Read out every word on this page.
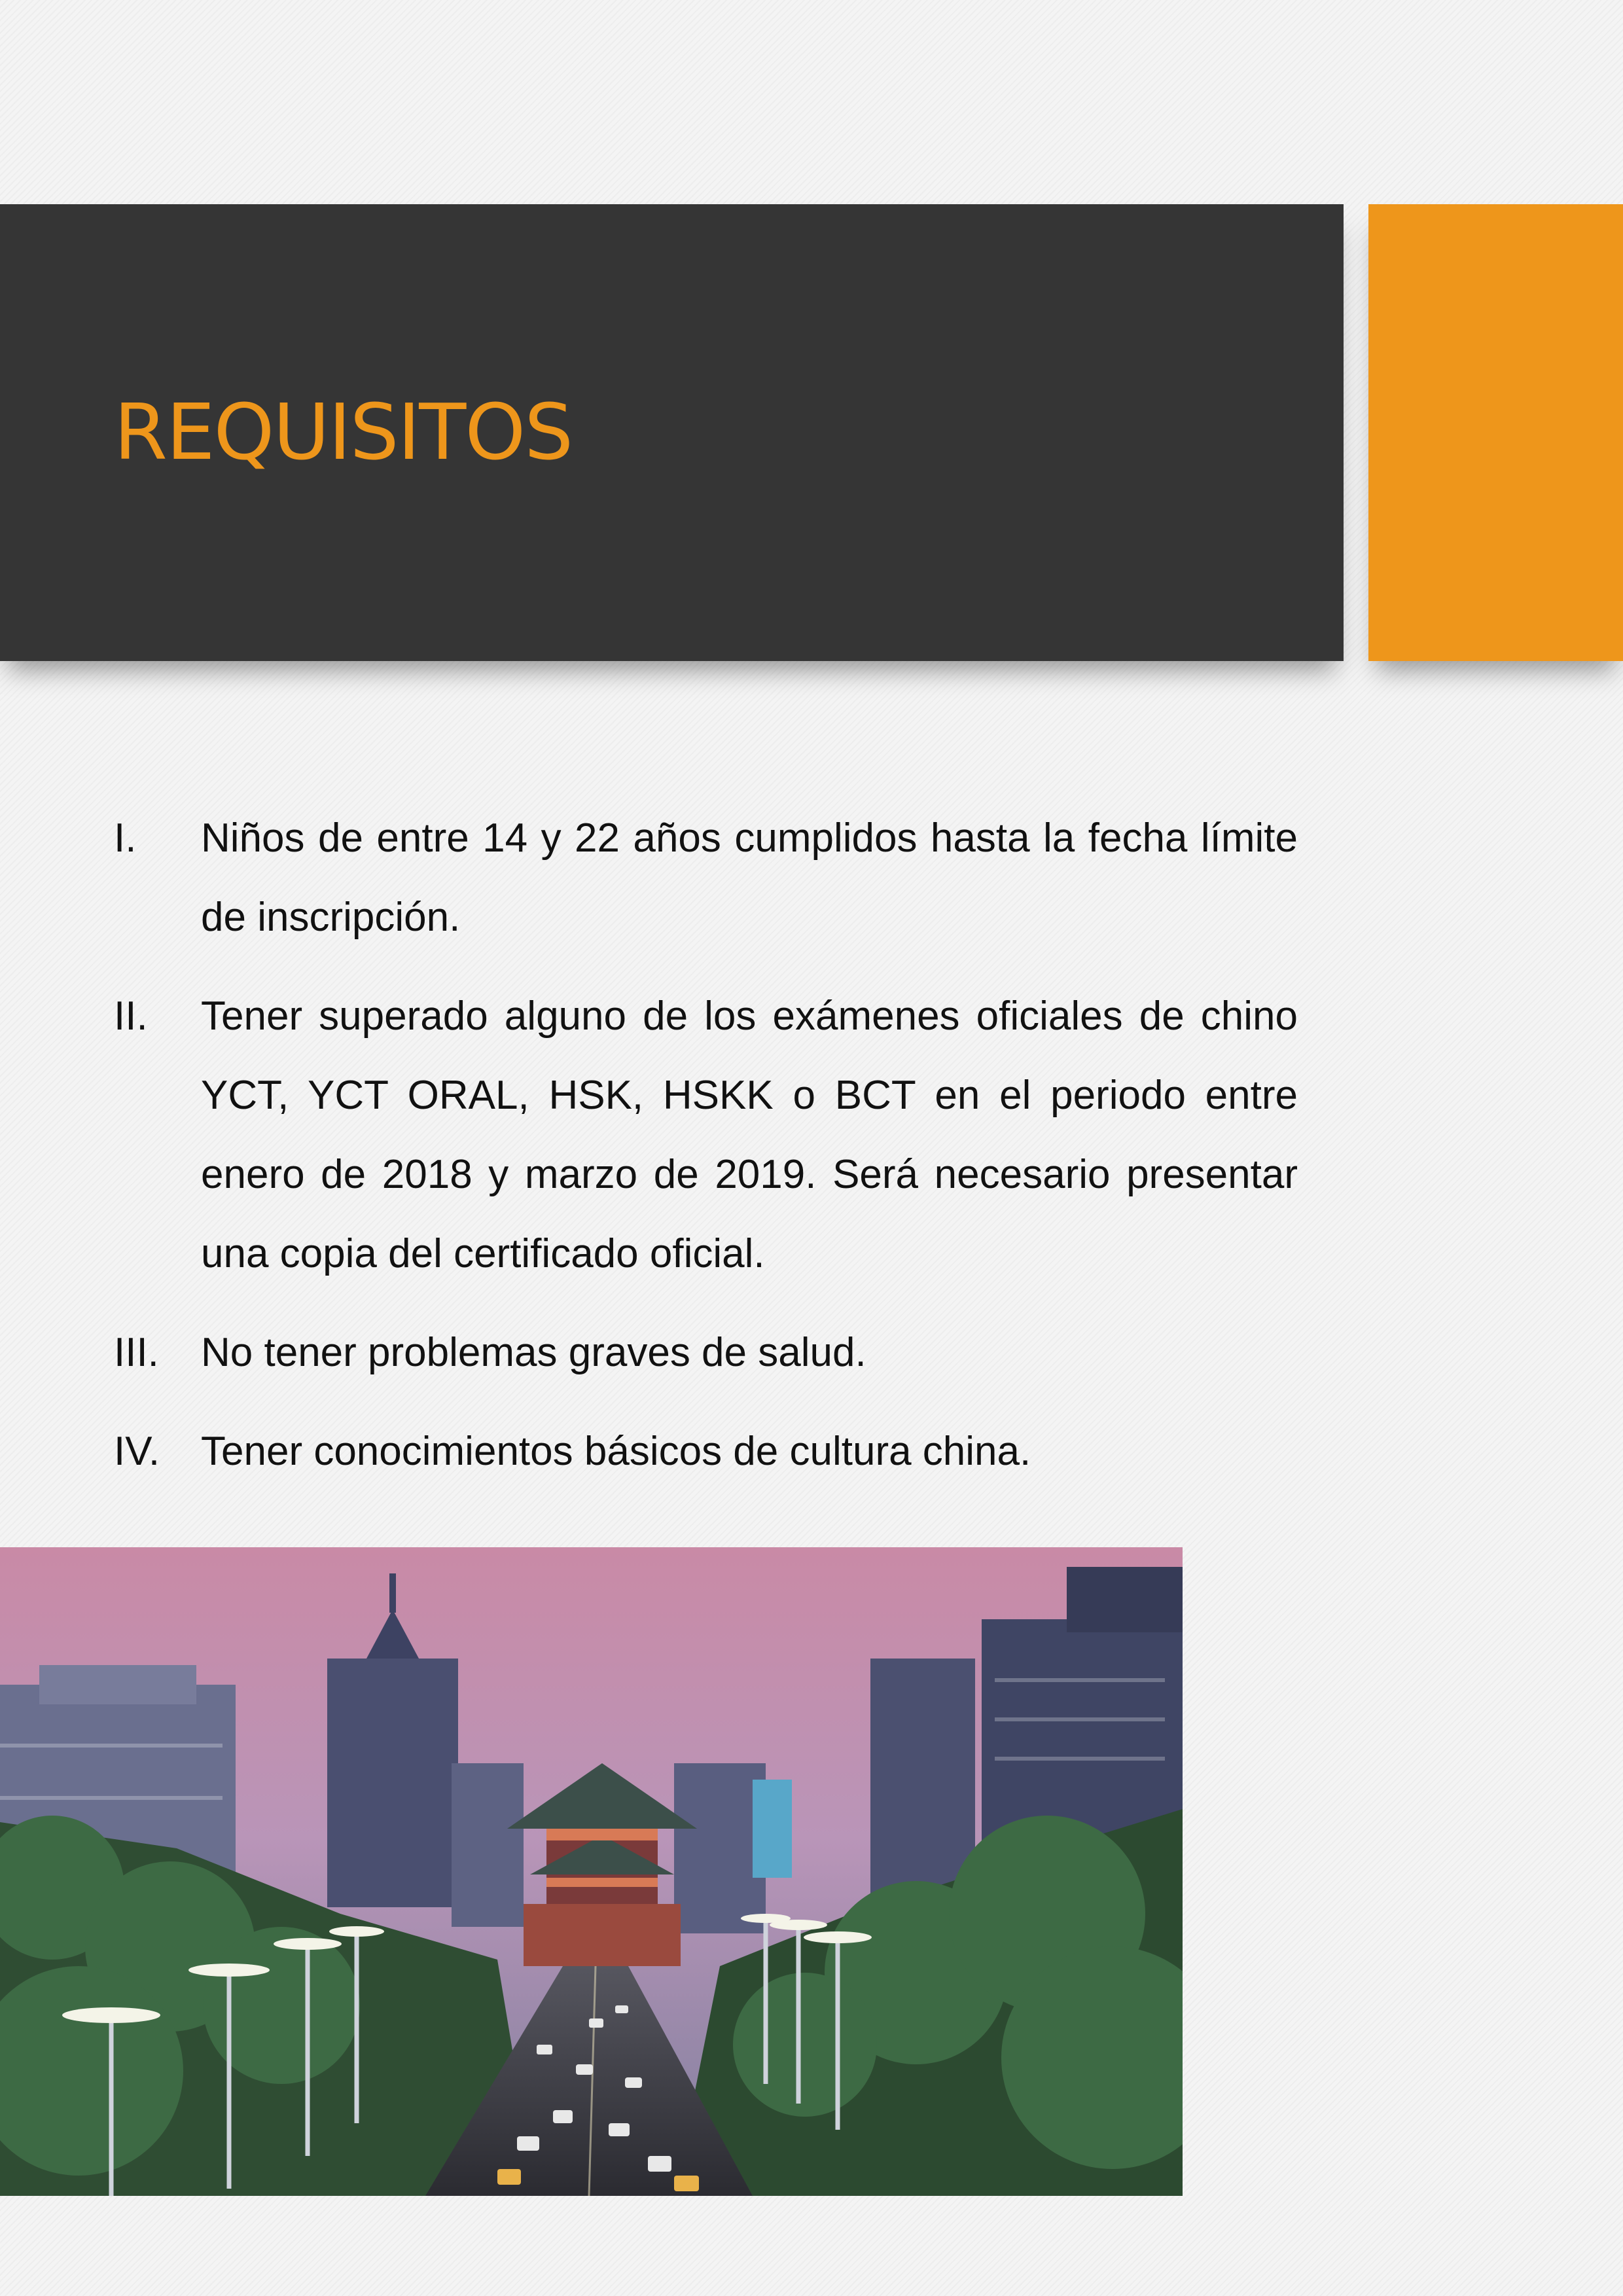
REQUISITOS
I. Niños de entre 14 y 22 años cumplidos hasta la fecha límite de inscripción.
II. Tener superado alguno de los exámenes oficiales de chino YCT, YCT ORAL, HSK, HSKK o BCT en el periodo entre enero de 2018 y marzo de 2019. Será necesario presentar una copia del certificado oficial.
III. No tener problemas graves de salud.
IV. Tener conocimientos básicos de cultura china.
